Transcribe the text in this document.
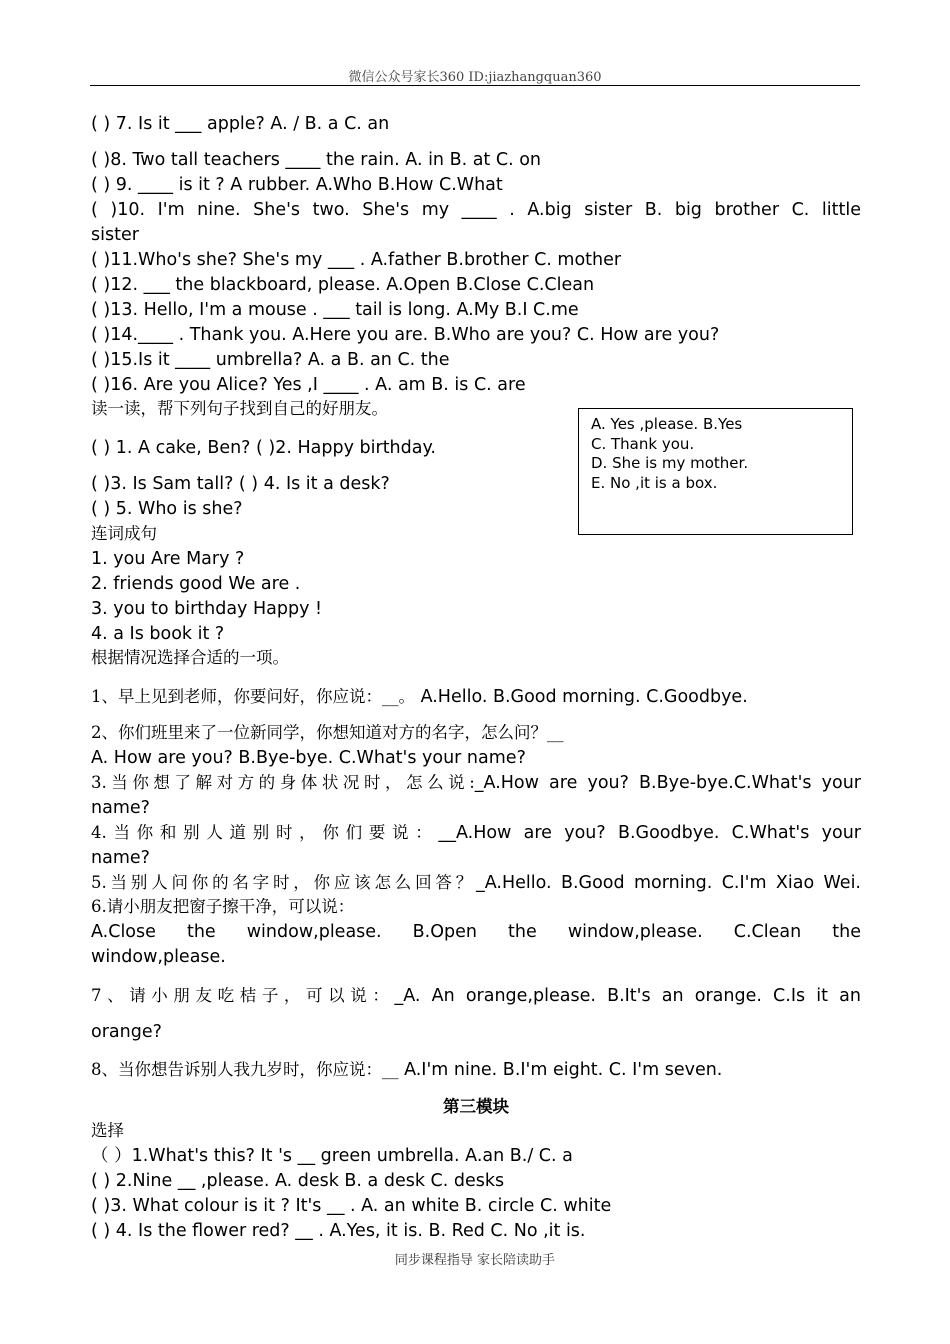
微信公众号家长360 ID:jiazhangquan360
( ) 7. Is it ___ apple? A. / B. a C. an
( )8. Two tall teachers ____ the rain. A. in B. at C. on
( ) 9. ____ is it ? A rubber. A.Who B.How C.What
( )10. I'm nine. She's two. She's my ____ . A.big sister B. big brother C. little
sister
( )11.Who's she? She's my ___ . A.father B.brother C. mother
( )12. ___ the blackboard, please. A.Open B.Close C.Clean
( )13. Hello, I'm a mouse . ___ tail is long. A.My B.I C.me
( )14.____ . Thank you. A.Here you are. B.Who are you? C. How are you?
( )15.Is it ____ umbrella? A. a B. an C. the
( )16. Are you Alice? Yes ,I ____ . A. am B. is C. are
读一读，帮下列句子找到自己的好朋友。
( ) 1. A cake, Ben? ( )2. Happy birthday.
( )3. Is Sam tall? ( ) 4. Is it a desk?
( ) 5. Who is she?
A. Yes ,please. B.Yes
C. Thank you.
D. She is my mother.
E. No ,it is a box.
连词成句
1. you Are Mary ?
2. friends good We are .
3. you to birthday Happy !
4. a Is book it ?
根据情况选择合适的一项。
1、早上见到老师，你要问好，你应说：__。 A.Hello. B.Good morning. C.Goodbye.
2、你们班里来了一位新同学，你想知道对方的名字，怎么问？__
A. How are you? B.Bye-bye. C.What's your name?
3.当你想了解对方的身体状况时，怎么说:_A.How are you? B.Bye-bye.C.What's your
name?
4.当你和别人道别时，你们要说：__A.How are you? B.Goodbye. C.What's your
name?
5.当别人问你的名字时，你应该怎么回答？_A.Hello. B.Good morning. C.I'm Xiao Wei.
6.请小朋友把窗子擦干净，可以说：
A.Close the window,please. B.Open the window,please. C.Clean the
window,please.
7、请小朋友吃桔子，可以说：_A. An orange,please. B.It's an orange. C.Is it an
orange?
8、当你想告诉别人我九岁时，你应说：__ A.I'm nine. B.I'm eight. C. I'm seven.
第三模块
选择
（ ）1.What's this? It 's __ green umbrella. A.an B./ C. a
( ) 2.Nine __ ,please. A. desk B. a desk C. desks
( )3. What colour is it ? It's __ . A. an white B. circle C. white
( ) 4. Is the flower red? __ . A.Yes, it is. B. Red C. No ,it is.
同步课程指导 家长陪读助手
